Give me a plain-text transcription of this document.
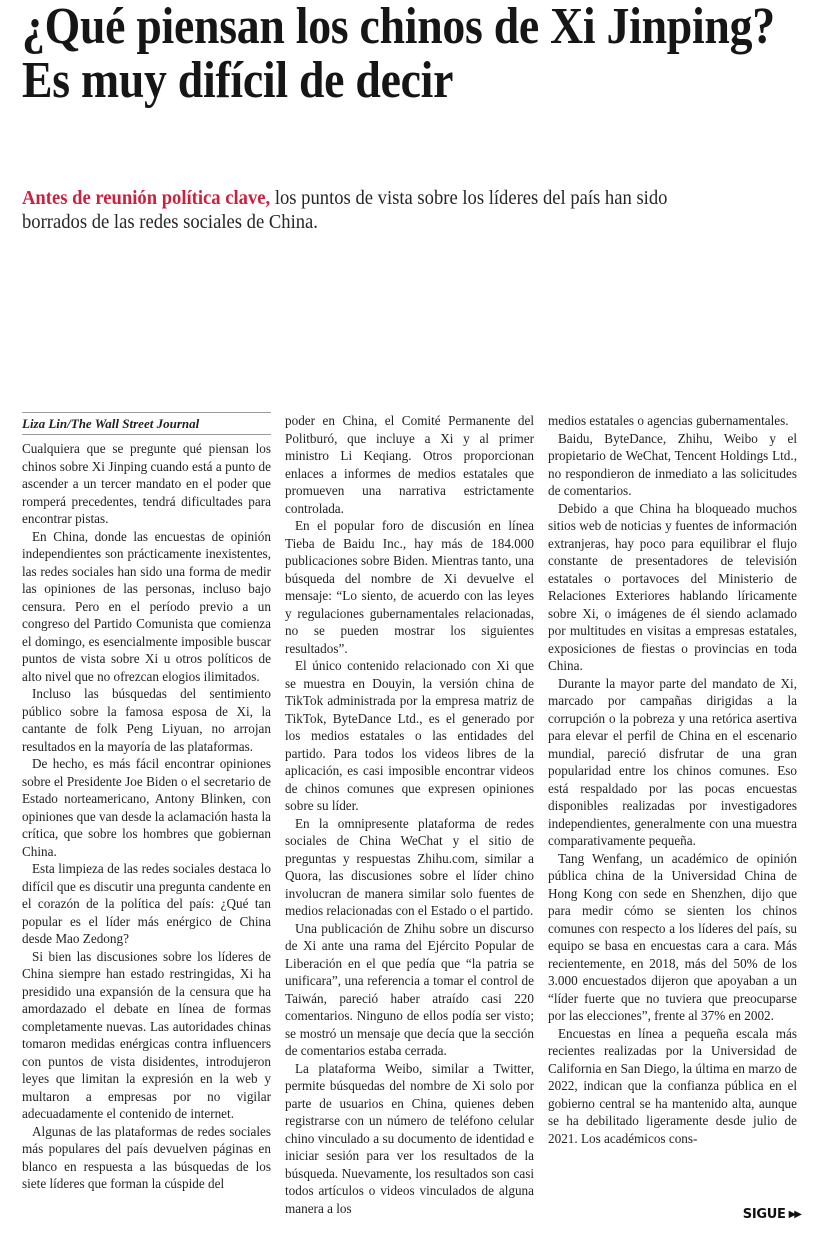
¿Qué piensan los chinos de Xi Jinping? Es muy difícil de decir

Antes de reunión política clave, los puntos de vista sobre los líderes del país han sido borrados de las redes sociales de China.

Liza Lin/The Wall Street Journal

Cualquiera que se pregunte qué piensan los chinos sobre Xi Jinping cuando está a punto de ascender a un tercer mandato en el poder que romperá precedentes, tendrá dificultades para encontrar pistas.

En China, donde las encuestas de opinión independientes son prácticamente inexistentes, las redes sociales han sido una forma de medir las opiniones de las personas, incluso bajo censura. Pero en el período previo a un congreso del Partido Comunista que comienza el domingo, es esencialmente imposible buscar puntos de vista sobre Xi u otros políticos de alto nivel que no ofrezcan elogios ilimitados.

Incluso las búsquedas del sentimiento público sobre la famosa esposa de Xi, la cantante de folk Peng Liyuan, no arrojan resultados en la mayoría de las plataformas.

De hecho, es más fácil encontrar opiniones sobre el Presidente Joe Biden o el secretario de Estado norteamericano, Antony Blinken, con opiniones que van desde la aclamación hasta la crítica, que sobre los hombres que gobiernan China.

Esta limpieza de las redes sociales destaca lo difícil que es discutir una pregunta candente en el corazón de la política del país: ¿Qué tan popular es el líder más enérgico de China desde Mao Zedong?

Si bien las discusiones sobre los líderes de China siempre han estado restringidas, Xi ha presidido una expansión de la censura que ha amordazado el debate en línea de formas completamente nuevas. Las autoridades chinas tomaron medidas enérgicas contra influencers con puntos de vista disidentes, introdujeron leyes que limitan la expresión en la web y multaron a empresas por no vigilar adecuadamente el contenido de internet.

Algunas de las plataformas de redes sociales más populares del país devuelven páginas en blanco en respuesta a las búsquedas de los siete líderes que forman la cúspide del

poder en China, el Comité Permanente del Politburó, que incluye a Xi y al primer ministro Li Keqiang. Otros proporcionan enlaces a informes de medios estatales que promueven una narrativa estrictamente controlada.

En el popular foro de discusión en línea Tieba de Baidu Inc., hay más de 184.000 publicaciones sobre Biden. Mientras tanto, una búsqueda del nombre de Xi devuelve el mensaje: “Lo siento, de acuerdo con las leyes y regulaciones gubernamentales relacionadas, no se pueden mostrar los siguientes resultados”.

El único contenido relacionado con Xi que se muestra en Douyin, la versión china de TikTok administrada por la empresa matriz de TikTok, ByteDance Ltd., es el generado por los medios estatales o las entidades del partido. Para todos los videos libres de la aplicación, es casi imposible encontrar videos de chinos comunes que expresen opiniones sobre su líder.

En la omnipresente plataforma de redes sociales de China WeChat y el sitio de preguntas y respuestas Zhihu.com, similar a Quora, las discusiones sobre el líder chino involucran de manera similar solo fuentes de medios relacionadas con el Estado o el partido.

Una publicación de Zhihu sobre un discurso de Xi ante una rama del Ejército Popular de Liberación en el que pedía que “la patria se unificara”, una referencia a tomar el control de Taiwán, pareció haber atraído casi 220 comentarios. Ninguno de ellos podía ser visto; se mostró un mensaje que decía que la sección de comentarios estaba cerrada.

La plataforma Weibo, similar a Twitter, permite búsquedas del nombre de Xi solo por parte de usuarios en China, quienes deben registrarse con un número de teléfono celular chino vinculado a su documento de identidad e iniciar sesión para ver los resultados de la búsqueda. Nuevamente, los resultados son casi todos artículos o videos vinculados de alguna manera a los

medios estatales o agencias gubernamentales.

Baidu, ByteDance, Zhihu, Weibo y el propietario de WeChat, Tencent Holdings Ltd., no respondieron de inmediato a las solicitudes de comentarios.

Debido a que China ha bloqueado muchos sitios web de noticias y fuentes de información extranjeras, hay poco para equilibrar el flujo constante de presentadores de televisión estatales o portavoces del Ministerio de Relaciones Exteriores hablando líricamente sobre Xi, o imágenes de él siendo aclamado por multitudes en visitas a empresas estatales, exposiciones de fiestas o provincias en toda China.

Durante la mayor parte del mandato de Xi, marcado por campañas dirigidas a la corrupción o la pobreza y una retórica asertiva para elevar el perfil de China en el escenario mundial, pareció disfrutar de una gran popularidad entre los chinos comunes. Eso está respaldado por las pocas encuestas disponibles realizadas por investigadores independientes, generalmente con una muestra comparativamente pequeña.

Tang Wenfang, un académico de opinión pública china de la Universidad China de Hong Kong con sede en Shenzhen, dijo que para medir cómo se sienten los chinos comunes con respecto a los líderes del país, su equipo se basa en encuestas cara a cara. Más recientemente, en 2018, más del 50% de los 3.000 encuestados dijeron que apoyaban a un “líder fuerte que no tuviera que preocuparse por las elecciones”, frente al 37% en 2002.

Encuestas en línea a pequeña escala más recientes realizadas por la Universidad de California en San Diego, la última en marzo de 2022, indican que la confianza pública en el gobierno central se ha mantenido alta, aunque se ha debilitado ligeramente desde julio de 2021. Los académicos cons-

SIGUE ▶▶
